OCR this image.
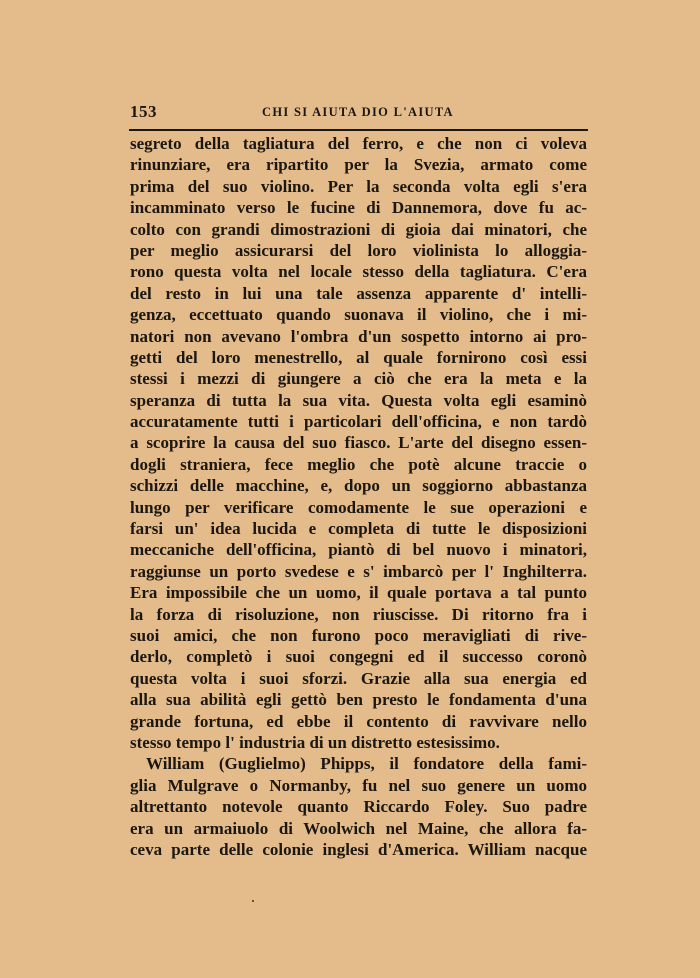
153	CHI SI AIUTA DIO L'AIUTA
segreto della tagliatura del ferro, e che non ci voleva
rinunziare, era ripartito per la Svezia, armato come
prima del suo violino. Per la seconda volta egli s'era
incamminato verso le fucine di Dannemora, dove fu ac-
colto con grandi dimostrazioni di gioia dai minatori, che
per meglio assicurarsi del loro violinista lo alloggia-
rono questa volta nel locale stesso della tagliatura. C'era
del resto in lui una tale assenza apparente d' intelli-
genza, eccettuato quando suonava il violino, che i mi-
natori non avevano l'ombra d'un sospetto intorno ai pro-
getti del loro menestrello, al quale fornirono così essi
stessi i mezzi di giungere a ciò che era la meta e la
speranza di tutta la sua vita. Questa volta egli esaminò
accuratamente tutti i particolari dell'officina, e non tardò
a scoprire la causa del suo fiasco. L'arte del disegno essen-
dogli straniera, fece meglio che potè alcune traccie o
schizzi delle macchine, e, dopo un soggiorno abbastanza
lungo per verificare comodamente le sue operazioni e
farsi un' idea lucida e completa di tutte le disposizioni
meccaniche dell'officina, piantò di bel nuovo i minatori,
raggiunse un porto svedese e s' imbarcò per l' Inghilterra.
Era impossibile che un uomo, il quale portava a tal punto
la forza di risoluzione, non riuscisse. Di ritorno fra i
suoi amici, che non furono poco meravigliati di rive-
derlo, completò i suoi congegni ed il successo coronò
questa volta i suoi sforzi. Grazie alla sua energia ed
alla sua abilità egli gettò ben presto le fondamenta d'una
grande fortuna, ed ebbe il contento di ravvivare nello
stesso tempo l' industria di un distretto estesissimo.
William (Guglielmo) Phipps, il fondatore della fami-
glia Mulgrave o Normanby, fu nel suo genere un uomo
altrettanto notevole quanto Riccardo Foley. Suo padre
era un armaiuolo di Woolwich nel Maine, che allora fa-
ceva parte delle colonie inglesi d'America. William nacque
